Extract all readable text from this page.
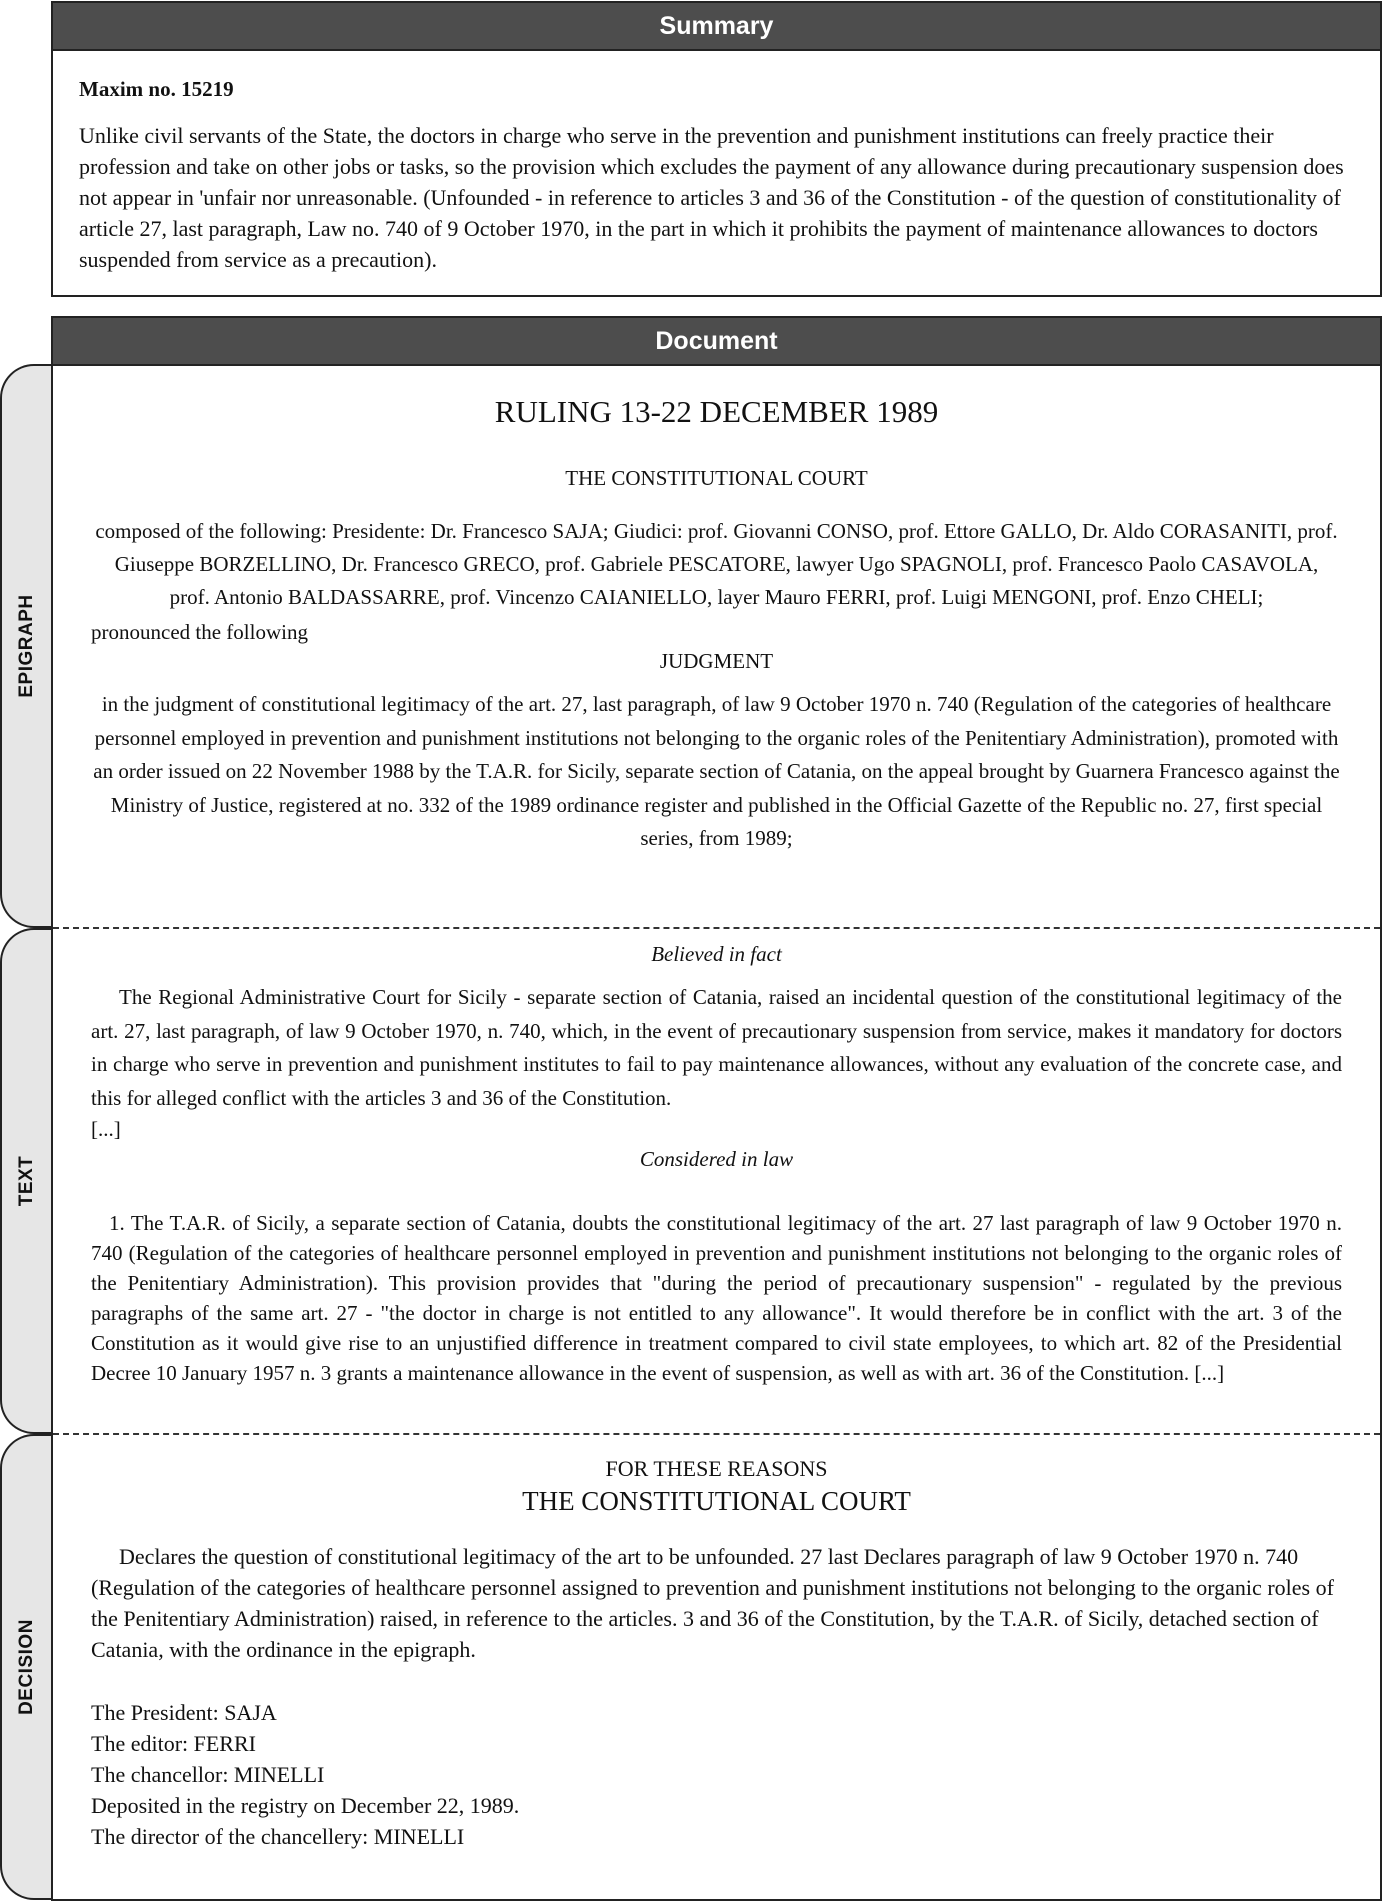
Summary
Maxim no. 15219
Unlike civil servants of the State, the doctors in charge who serve in the prevention and punishment institutions can freely practice their profession and take on other jobs or tasks, so the provision which excludes the payment of any allowance during precautionary suspension does not appear in 'unfair nor unreasonable. (Unfounded - in reference to articles 3 and 36 of the Constitution - of the question of constitutionality of article 27, last paragraph, Law no. 740 of 9 October 1970, in the part in which it prohibits the payment of maintenance allowances to doctors suspended from service as a precaution).
EPIGRAPH
TEXT
DECISION
Document
RULING 13-22 DECEMBER 1989
THE CONSTITUTIONAL COURT
composed of the following: Presidente: Dr. Francesco SAJA; Giudici: prof. Giovanni CONSO, prof. Ettore GALLO, Dr. Aldo CORASANITI, prof. Giuseppe BORZELLINO, Dr. Francesco GRECO, prof. Gabriele PESCATORE, lawyer Ugo SPAGNOLI, prof. Francesco Paolo CASAVOLA, prof. Antonio BALDASSARRE, prof. Vincenzo CAIANIELLO, layer Mauro FERRI, prof. Luigi MENGONI, prof. Enzo CHELI;
pronounced the following
JUDGMENT
in the judgment of constitutional legitimacy of the art. 27, last paragraph, of law 9 October 1970 n. 740 (Regulation of the categories of healthcare personnel employed in prevention and punishment institutions not belonging to the organic roles of the Penitentiary Administration), promoted with an order issued on 22 November 1988 by the T.A.R. for Sicily, separate section of Catania, on the appeal brought by Guarnera Francesco against the Ministry of Justice, registered at no. 332 of the 1989 ordinance register and published in the Official Gazette of the Republic no. 27, first special series, from 1989;
Believed in fact
The Regional Administrative Court for Sicily - separate section of Catania, raised an incidental question of the constitutional legitimacy of the art. 27, last paragraph, of law 9 October 1970, n. 740, which, in the event of precautionary suspension from service, makes it mandatory for doctors in charge who serve in prevention and punishment institutes to fail to pay maintenance allowances, without any evaluation of the concrete case, and this for alleged conflict with the articles 3 and 36 of the Constitution.
[...]
Considered in law
1. The T.A.R. of Sicily, a separate section of Catania, doubts the constitutional legitimacy of the art. 27 last paragraph of law 9 October 1970 n. 740 (Regulation of the categories of healthcare personnel employed in prevention and punishment institutions not belonging to the organic roles of the Penitentiary Administration). This provision provides that "during the period of precautionary suspension" - regulated by the previous paragraphs of the same art. 27 - "the doctor in charge is not entitled to any allowance". It would therefore be in conflict with the art. 3 of the Constitution as it would give rise to an unjustified difference in treatment compared to civil state employees, to which art. 82 of the Presidential Decree 10 January 1957 n. 3 grants a maintenance allowance in the event of suspension, as well as with art. 36 of the Constitution. [...]
FOR THESE REASONS
THE CONSTITUTIONAL COURT
Declares the question of constitutional legitimacy of the art to be unfounded. 27 last Declares paragraph of law 9 October 1970 n. 740 (Regulation of the categories of healthcare personnel assigned to prevention and punishment institutions not belonging to the organic roles of the Penitentiary Administration) raised, in reference to the articles. 3 and 36 of the Constitution, by the T.A.R. of Sicily, detached section of Catania, with the ordinance in the epigraph.
The President: SAJA
The editor: FERRI
The chancellor: MINELLI
Deposited in the registry on December 22, 1989.
The director of the chancellery: MINELLI
